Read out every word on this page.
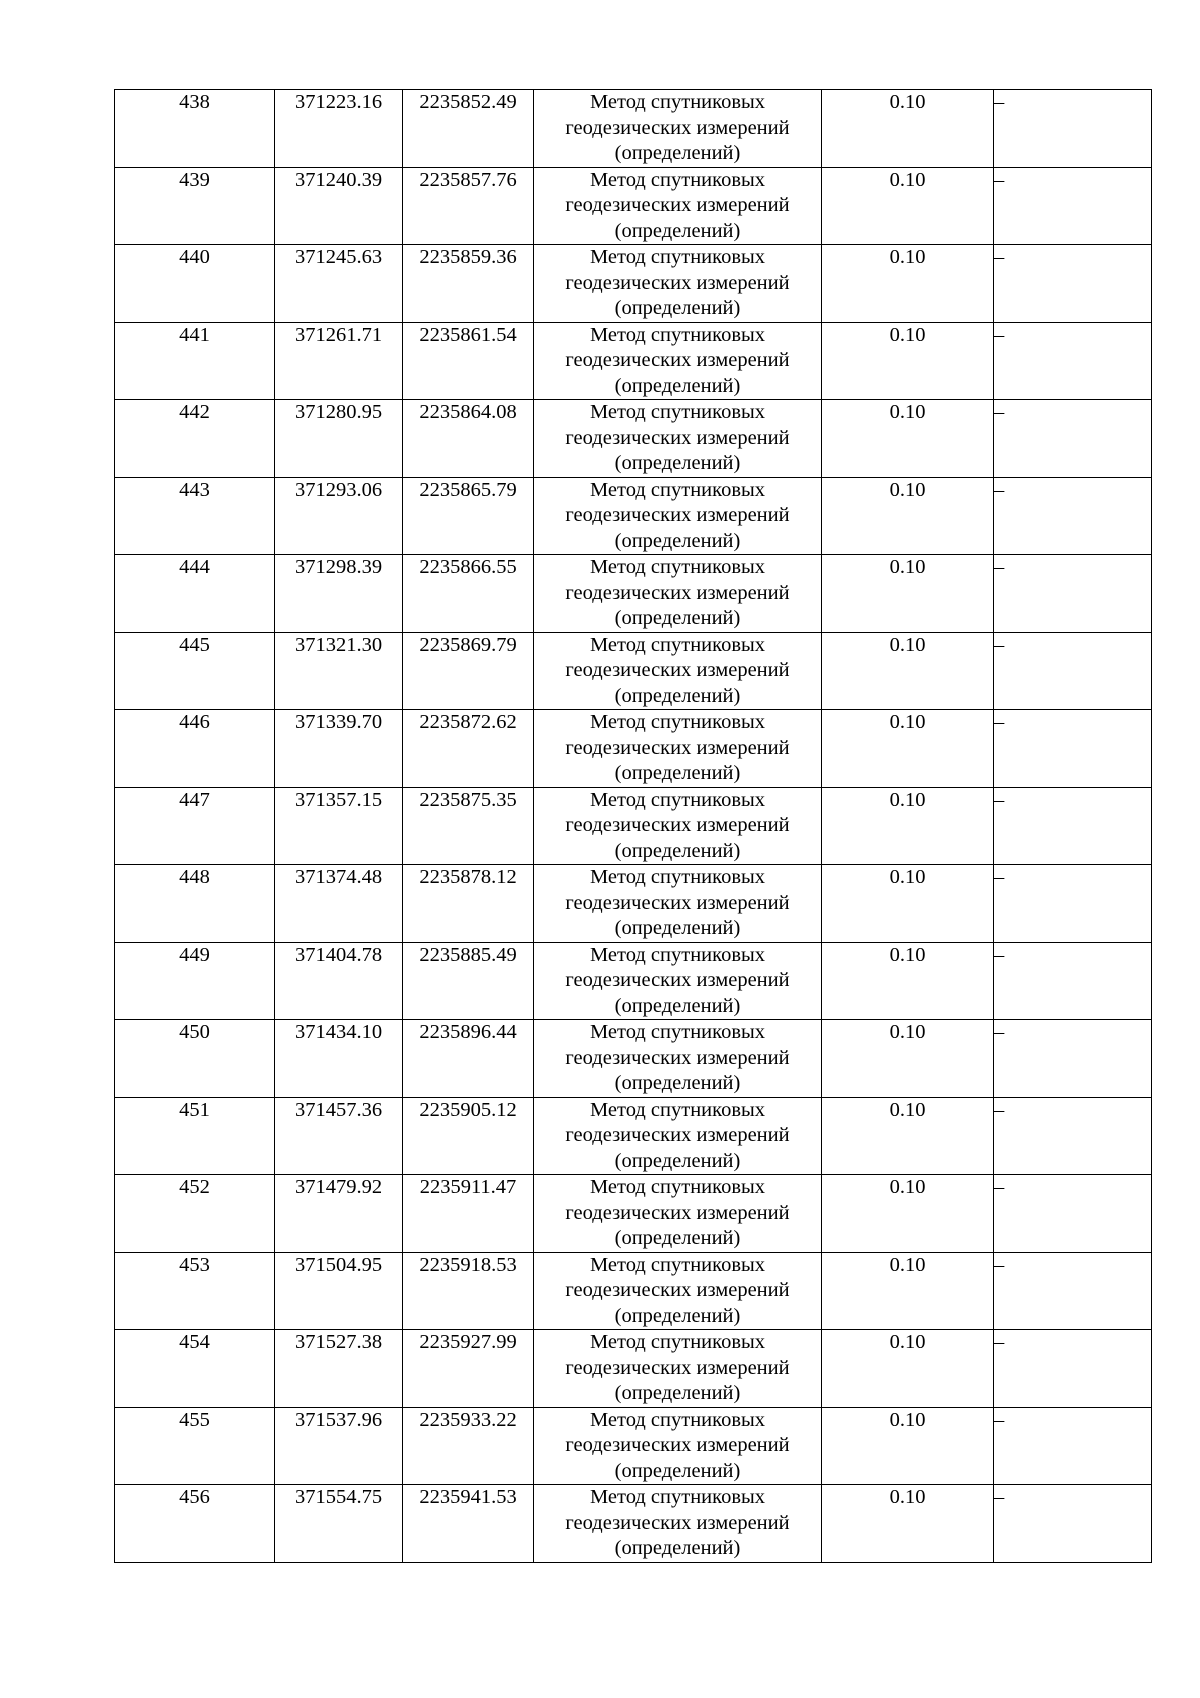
438	371223.16	2235852.49	Метод спутниковых
геодезических измерений
(определений)	0.10	–
439	371240.39	2235857.76	Метод спутниковых
геодезических измерений
(определений)	0.10	–
440	371245.63	2235859.36	Метод спутниковых
геодезических измерений
(определений)	0.10	–
441	371261.71	2235861.54	Метод спутниковых
геодезических измерений
(определений)	0.10	–
442	371280.95	2235864.08	Метод спутниковых
геодезических измерений
(определений)	0.10	–
443	371293.06	2235865.79	Метод спутниковых
геодезических измерений
(определений)	0.10	–
444	371298.39	2235866.55	Метод спутниковых
геодезических измерений
(определений)	0.10	–
445	371321.30	2235869.79	Метод спутниковых
геодезических измерений
(определений)	0.10	–
446	371339.70	2235872.62	Метод спутниковых
геодезических измерений
(определений)	0.10	–
447	371357.15	2235875.35	Метод спутниковых
геодезических измерений
(определений)	0.10	–
448	371374.48	2235878.12	Метод спутниковых
геодезических измерений
(определений)	0.10	–
449	371404.78	2235885.49	Метод спутниковых
геодезических измерений
(определений)	0.10	–
450	371434.10	2235896.44	Метод спутниковых
геодезических измерений
(определений)	0.10	–
451	371457.36	2235905.12	Метод спутниковых
геодезических измерений
(определений)	0.10	–
452	371479.92	2235911.47	Метод спутниковых
геодезических измерений
(определений)	0.10	–
453	371504.95	2235918.53	Метод спутниковых
геодезических измерений
(определений)	0.10	–
454	371527.38	2235927.99	Метод спутниковых
геодезических измерений
(определений)	0.10	–
455	371537.96	2235933.22	Метод спутниковых
геодезических измерений
(определений)	0.10	–
456	371554.75	2235941.53	Метод спутниковых
геодезических измерений
(определений)	0.10	–
